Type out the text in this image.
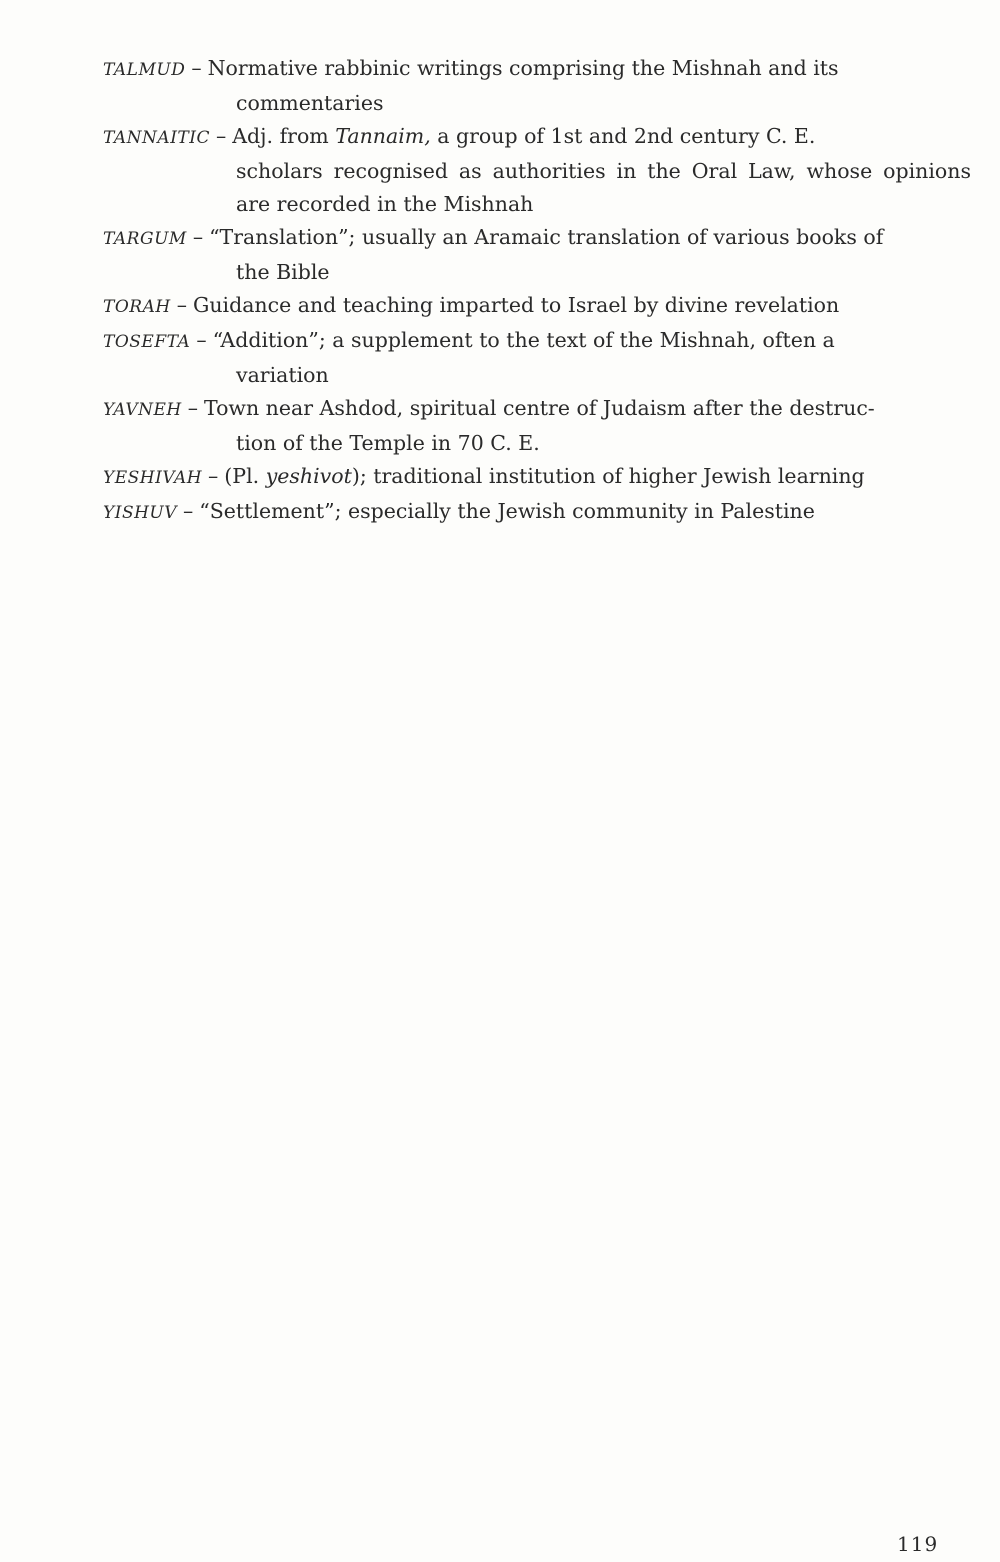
TALMUD – Normative rabbinic writings comprising the Mishnah and its
commentaries
TANNAITIC – Adj. from Tannaim, a group of 1st and 2nd century C. E.
scholars recognised as authorities in the Oral Law, whose opinions are recorded in the Mishnah
TARGUM – “Translation”; usually an Aramaic translation of various books of
the Bible
TORAH – Guidance and teaching imparted to Israel by divine revelation
TOSEFTA – “Addition”; a supplement to the text of the Mishnah, often a
variation
YAVNEH – Town near Ashdod, spiritual centre of Judaism after the destruc-
tion of the Temple in 70 C. E.
YESHIVAH – (Pl. yeshivot); traditional institution of higher Jewish learning
YISHUV – “Settlement”; especially the Jewish community in Palestine
119
